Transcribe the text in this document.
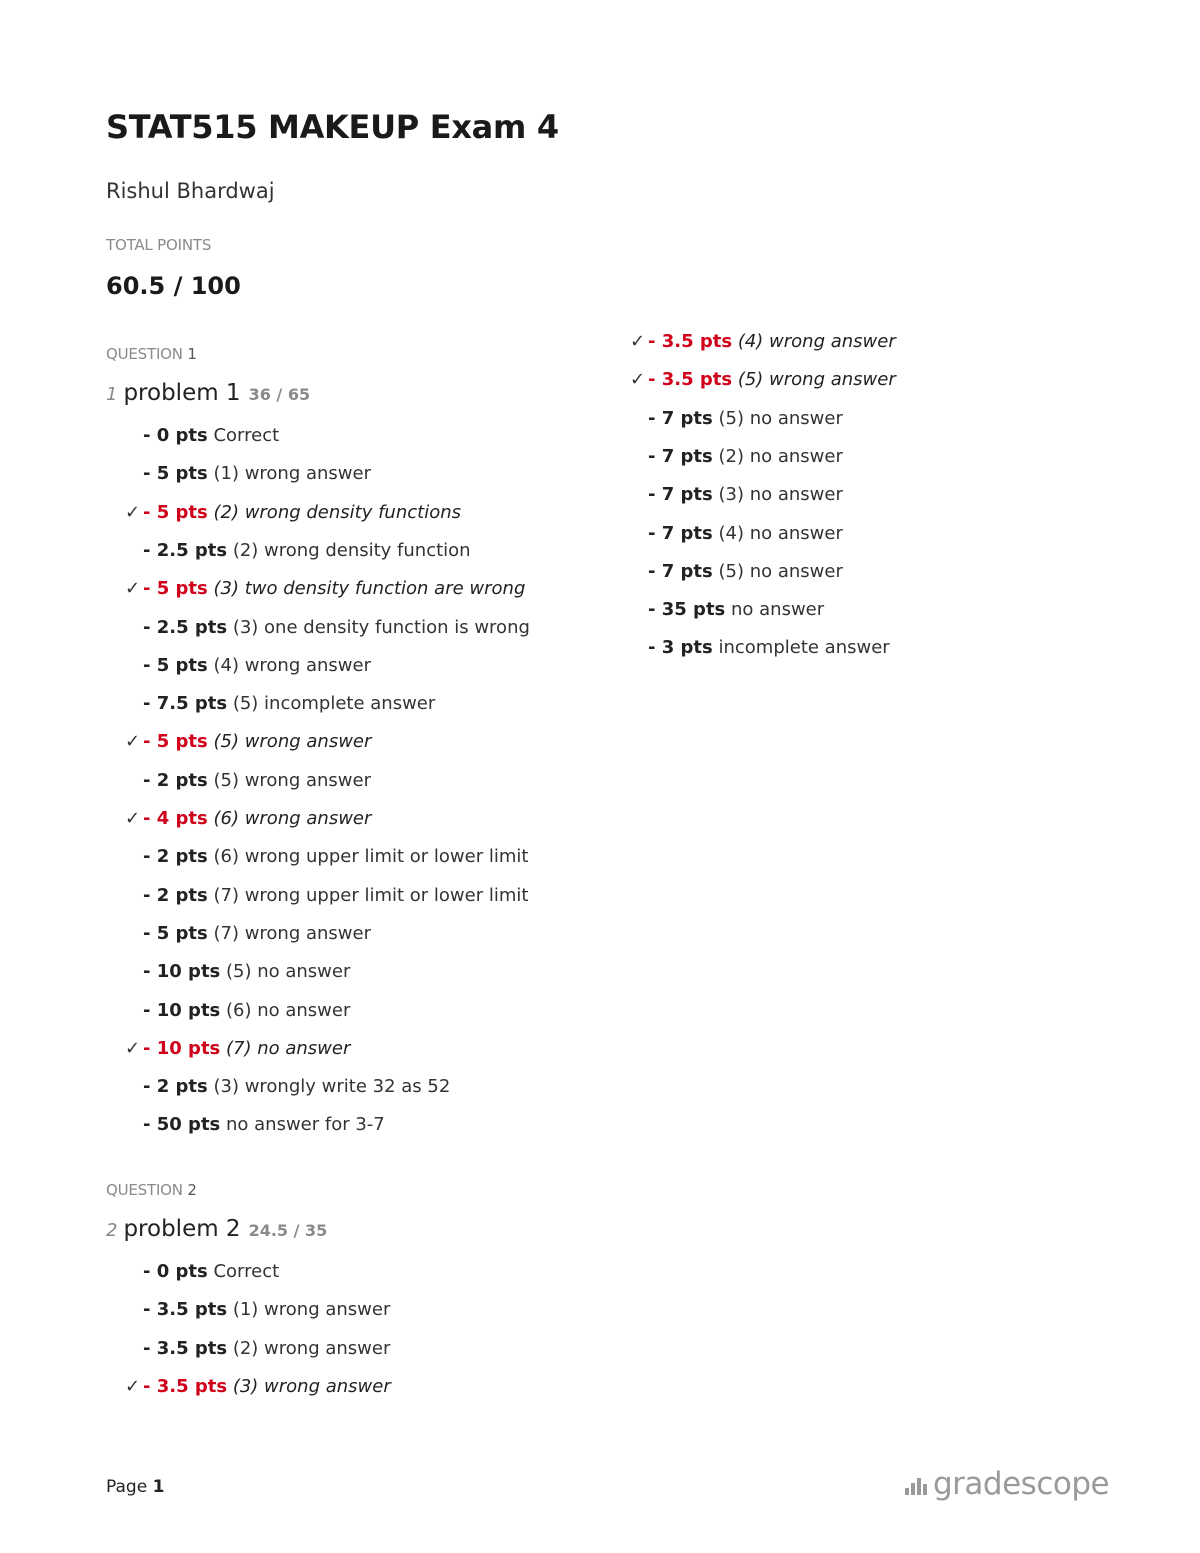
STAT515 MAKEUP Exam 4
Rishul Bhardwaj
TOTAL POINTS
60.5 / 100
QUESTION 1
1 problem 1 36 / 65
- 0 pts Correct
- 5 pts (1) wrong answer
✓ - 5 pts (2) wrong density functions
- 2.5 pts (2) wrong density function
✓ - 5 pts (3) two density function are wrong
- 2.5 pts (3) one density function is wrong
- 5 pts (4) wrong answer
- 7.5 pts (5) incomplete answer
✓ - 5 pts (5) wrong answer
- 2 pts (5) wrong answer
✓ - 4 pts (6) wrong answer
- 2 pts (6) wrong upper limit or lower limit
- 2 pts (7) wrong upper limit or lower limit
- 5 pts (7) wrong answer
- 10 pts (5) no answer
- 10 pts (6) no answer
✓ - 10 pts (7) no answer
- 2 pts (3) wrongly write 32 as 52
- 50 pts no answer for 3-7
QUESTION 2
2 problem 2 24.5 / 35
- 0 pts Correct
- 3.5 pts (1) wrong answer
- 3.5 pts (2) wrong answer
✓ - 3.5 pts (3) wrong answer
✓ - 3.5 pts (4) wrong answer
✓ - 3.5 pts (5) wrong answer
- 7 pts (5) no answer
- 7 pts (2) no answer
- 7 pts (3) no answer
- 7 pts (4) no answer
- 7 pts (5) no answer
- 35 pts no answer
- 3 pts incomplete answer
Page 1	gradescope
